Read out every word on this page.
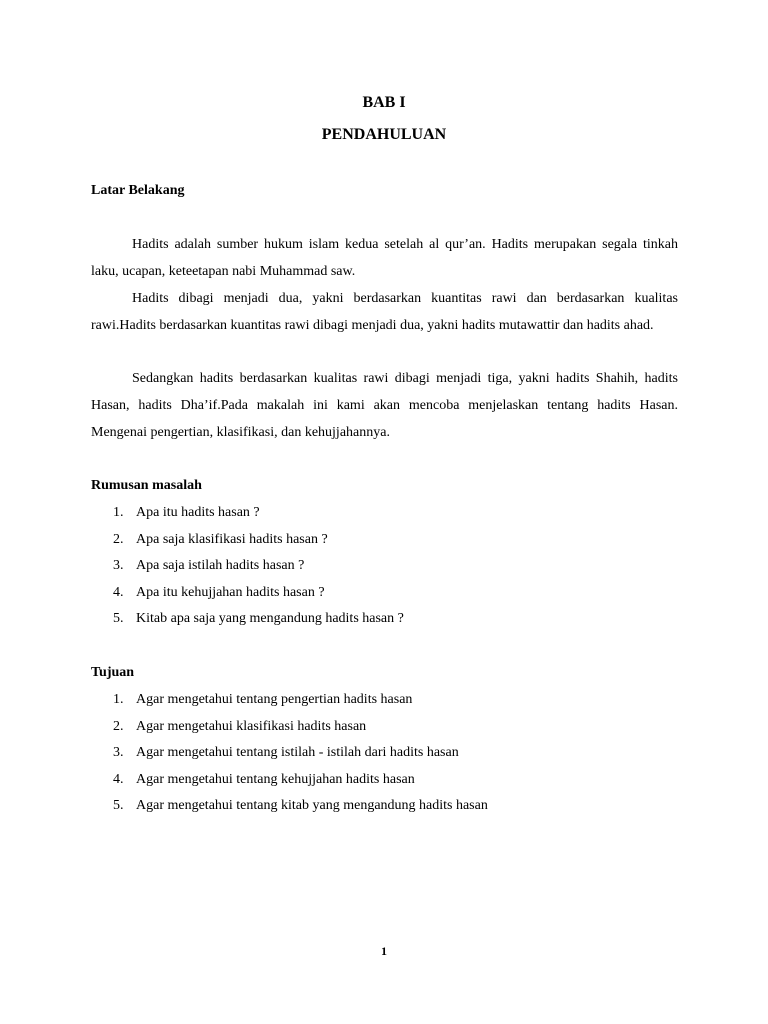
BAB I
PENDAHULUAN
Latar Belakang

Hadits adalah sumber hukum islam kedua setelah al qur’an. Hadits merupakan segala tinkah laku, ucapan, keteetapan nabi Muhammad saw.

Hadits dibagi menjadi dua, yakni berdasarkan kuantitas rawi dan berdasarkan kualitas rawi.Hadits berdasarkan kuantitas rawi dibagi menjadi dua, yakni hadits mutawattir dan hadits ahad.

Sedangkan hadits berdasarkan kualitas rawi dibagi menjadi tiga, yakni hadits Shahih, hadits Hasan, hadits Dha’if.Pada makalah ini kami akan mencoba menjelaskan tentang hadits Hasan. Mengenai pengertian, klasifikasi, dan kehujjahannya.

Rumusan masalah
1. Apa itu hadits hasan ?
2. Apa saja klasifikasi hadits hasan ?
3. Apa saja istilah hadits hasan ?
4. Apa itu kehujjahan hadits hasan ?
5. Kitab apa saja yang mengandung hadits hasan ?
Tujuan
1. Agar mengetahui tentang pengertian hadits hasan
2. Agar mengetahui klasifikasi hadits hasan
3. Agar mengetahui tentang istilah - istilah dari hadits hasan
4. Agar mengetahui tentang kehujjahan hadits hasan
5. Agar mengetahui tentang kitab yang mengandung hadits hasan
1
